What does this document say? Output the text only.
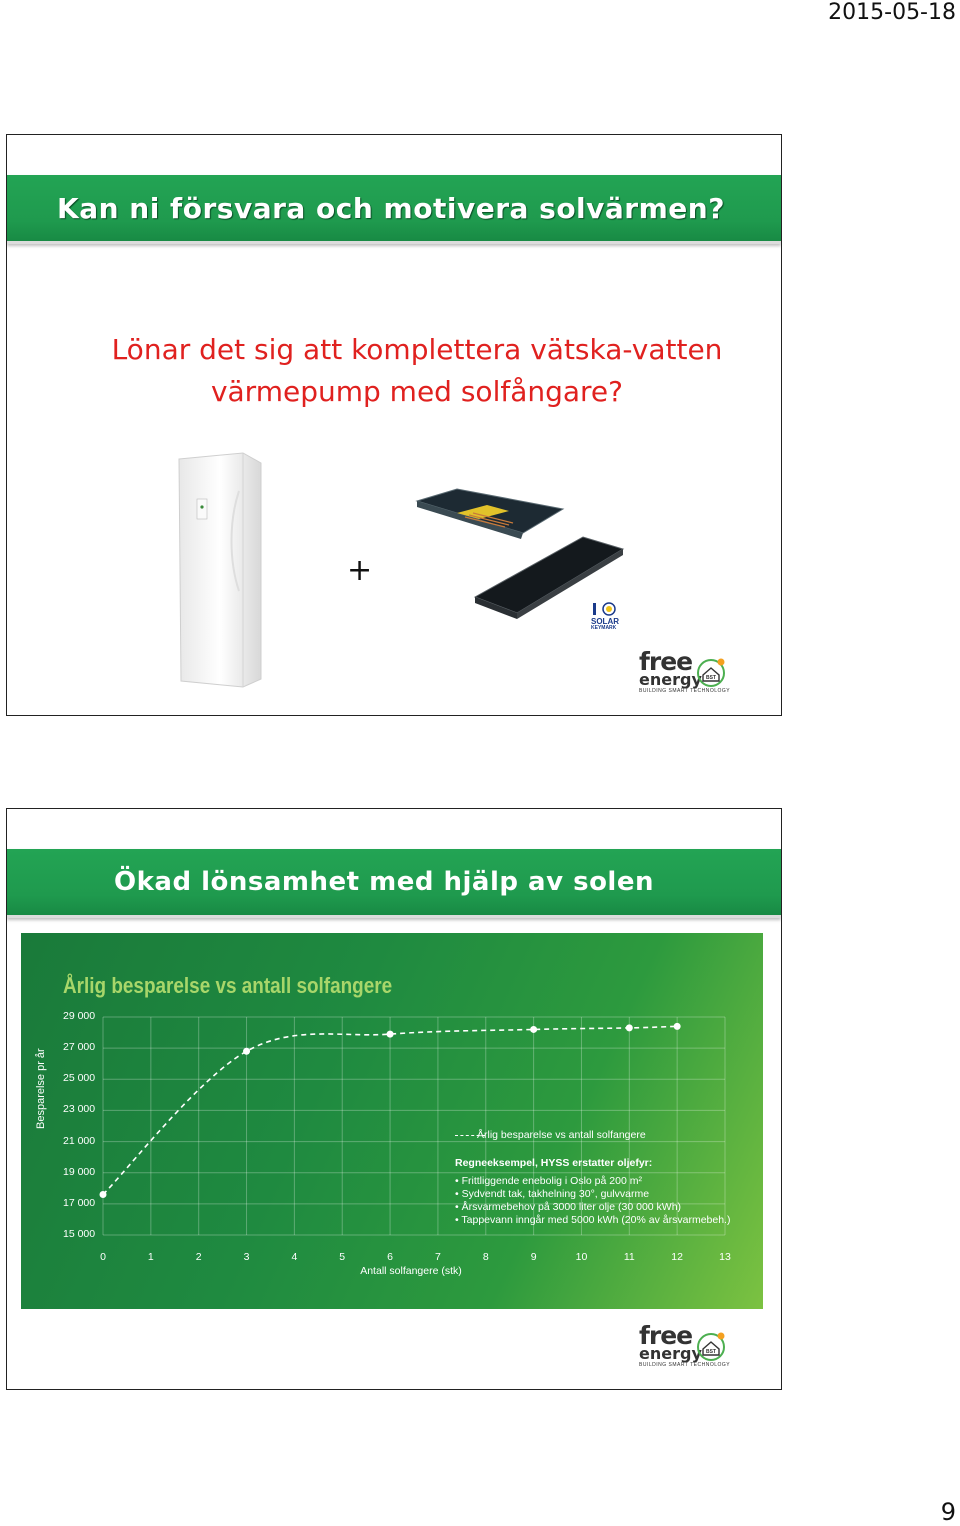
2015-05-18
Kan ni försvara och motivera solvärmen?
Lönar det sig att komplettera vätska-vatten
värmepump med solfångare?
+
SOLAR
KEYMARK
free
energy
BUILDING SMART TECHNOLOGY
BST
Ökad lönsamhet med hjälp av solen
Årlig besparelse vs antall solfangere
Besparelse pr år
15 000
17 000
19 000
21 000
23 000
25 000
27 000
29 000
0	1	2	3	4	5	6	7	8	9	10	11	12	13
Antall solfangere (stk)
Årlig besparelse vs antall solfangere
Regneeksempel, HYSS erstatter oljefyr:
• Frittliggende enebolig i Oslo på 200 m²
• Sydvendt tak, takhelning 30°, gulvvarme
• Årsvarmebehov på 3000 liter olje (30 000 kWh)
• Tappevann inngår med 5000 kWh (20% av årsvarmebeh.)
free
energy
BUILDING SMART TECHNOLOGY
BST
9
